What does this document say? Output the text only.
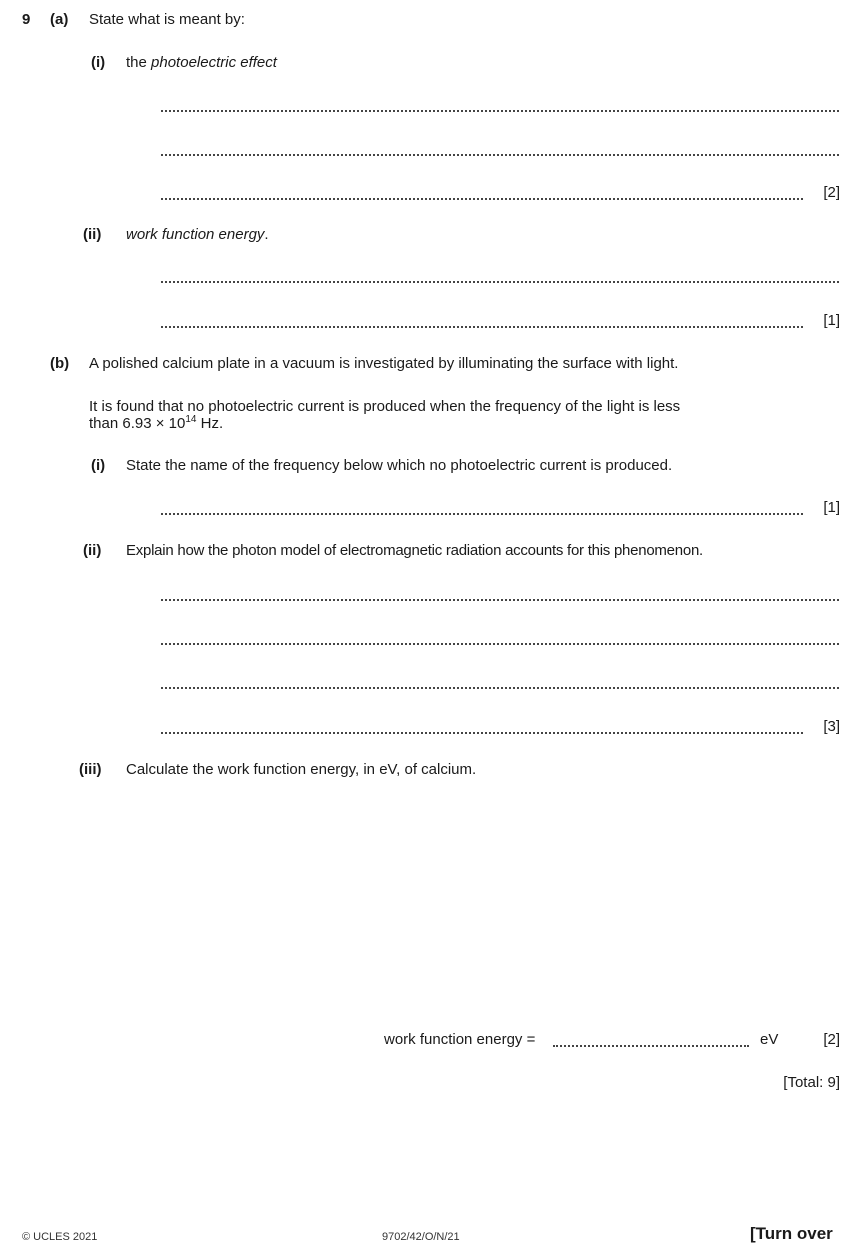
9 (a) State what is meant by:
(i) the photoelectric effect
[2]
(ii) work function energy.
[1]
(b) A polished calcium plate in a vacuum is investigated by illuminating the surface with light.
It is found that no photoelectric current is produced when the frequency of the light is less
than $6.93 \times 10^{14}$ Hz.
(i) State the name of the frequency below which no photoelectric current is produced.
[1]
(ii) Explain how the photon model of electromagnetic radiation accounts for this phenomenon.
[3]
(iii) Calculate the work function energy, in eV, of calcium.
work function energy =	eV	[2]
[Total: 9]
© UCLES 2021	9702/42/O/N/21	[Turn over
